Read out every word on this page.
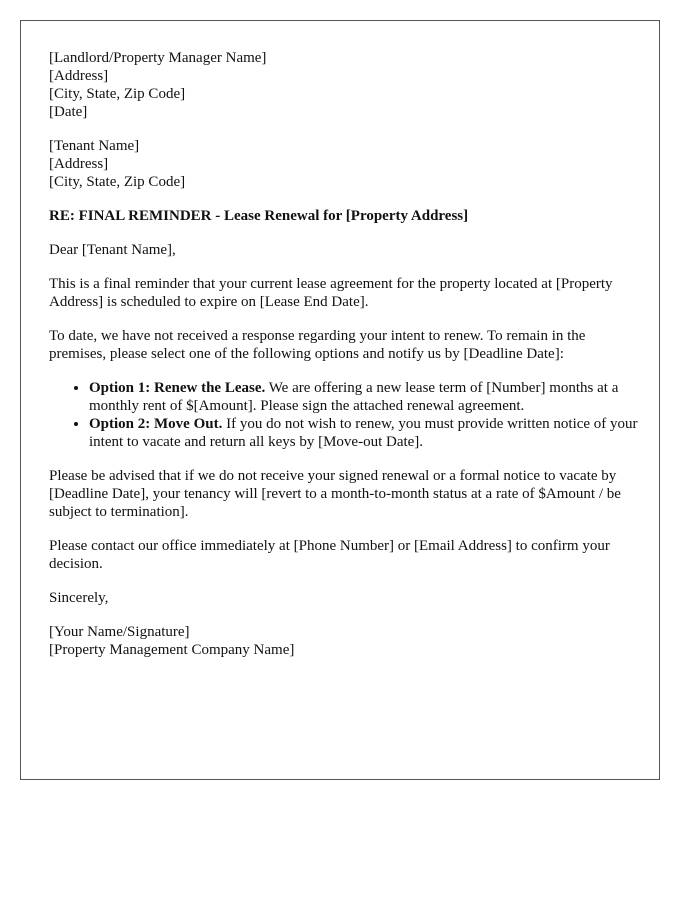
[Landlord/Property Manager Name]
[Address]
[City, State, Zip Code]
[Date]
[Tenant Name]
[Address]
[City, State, Zip Code]
RE: FINAL REMINDER - Lease Renewal for [Property Address]
Dear [Tenant Name],
This is a final reminder that your current lease agreement for the property located at [Property Address] is scheduled to expire on [Lease End Date].
To date, we have not received a response regarding your intent to renew. To remain in the premises, please select one of the following options and notify us by [Deadline Date]:
• Option 1: Renew the Lease. We are offering a new lease term of [Number] months at a monthly rent of $[Amount]. Please sign the attached renewal agreement.
• Option 2: Move Out. If you do not wish to renew, you must provide written notice of your intent to vacate and return all keys by [Move-out Date].
Please be advised that if we do not receive your signed renewal or a formal notice to vacate by [Deadline Date], your tenancy will [revert to a month-to-month status at a rate of $Amount / be subject to termination].
Please contact our office immediately at [Phone Number] or [Email Address] to confirm your decision.
Sincerely,
[Your Name/Signature]
[Property Management Company Name]
